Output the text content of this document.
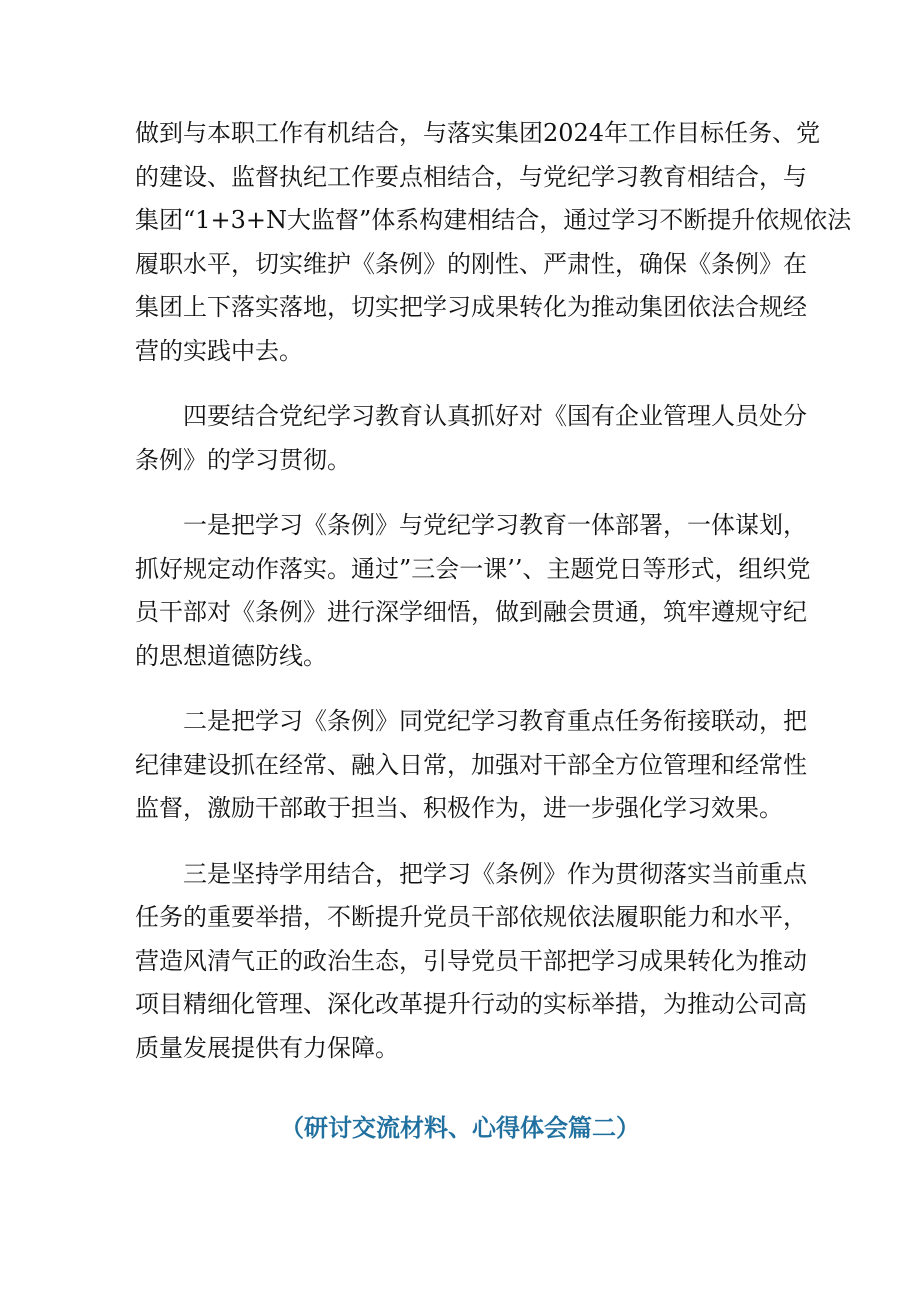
做到与本职工作有机结合，与落实集团2024年工作目标任务、党
的建设、监督执纪工作要点相结合，与党纪学习教育相结合，与
集团“1+3+N大监督”体系构建相结合，通过学习不断提升依规依法
履职水平，切实维护《条例》的刚性、严肃性，确保《条例》在
集团上下落实落地，切实把学习成果转化为推动集团依法合规经
营的实践中去。

四要结合党纪学习教育认真抓好对《国有企业管理人员处分
条例》的学习贯彻。

一是把学习《条例》与党纪学习教育一体部署，一体谋划，
抓好规定动作落实。通过”三会一课’’、主题党日等形式，组织党
员干部对《条例》进行深学细悟，做到融会贯通，筑牢遵规守纪
的思想道德防线。

二是把学习《条例》同党纪学习教育重点任务衔接联动，把
纪律建设抓在经常、融入日常，加强对干部全方位管理和经常性
监督，激励干部敢于担当、积极作为，进一步强化学习效果。

三是坚持学用结合，把学习《条例》作为贯彻落实当前重点
任务的重要举措，不断提升党员干部依规依法履职能力和水平，
营造风清气正的政治生态，引导党员干部把学习成果转化为推动
项目精细化管理、深化改革提升行动的实标举措，为推动公司高
质量发展提供有力保障。

（研讨交流材料、心得体会篇二）
